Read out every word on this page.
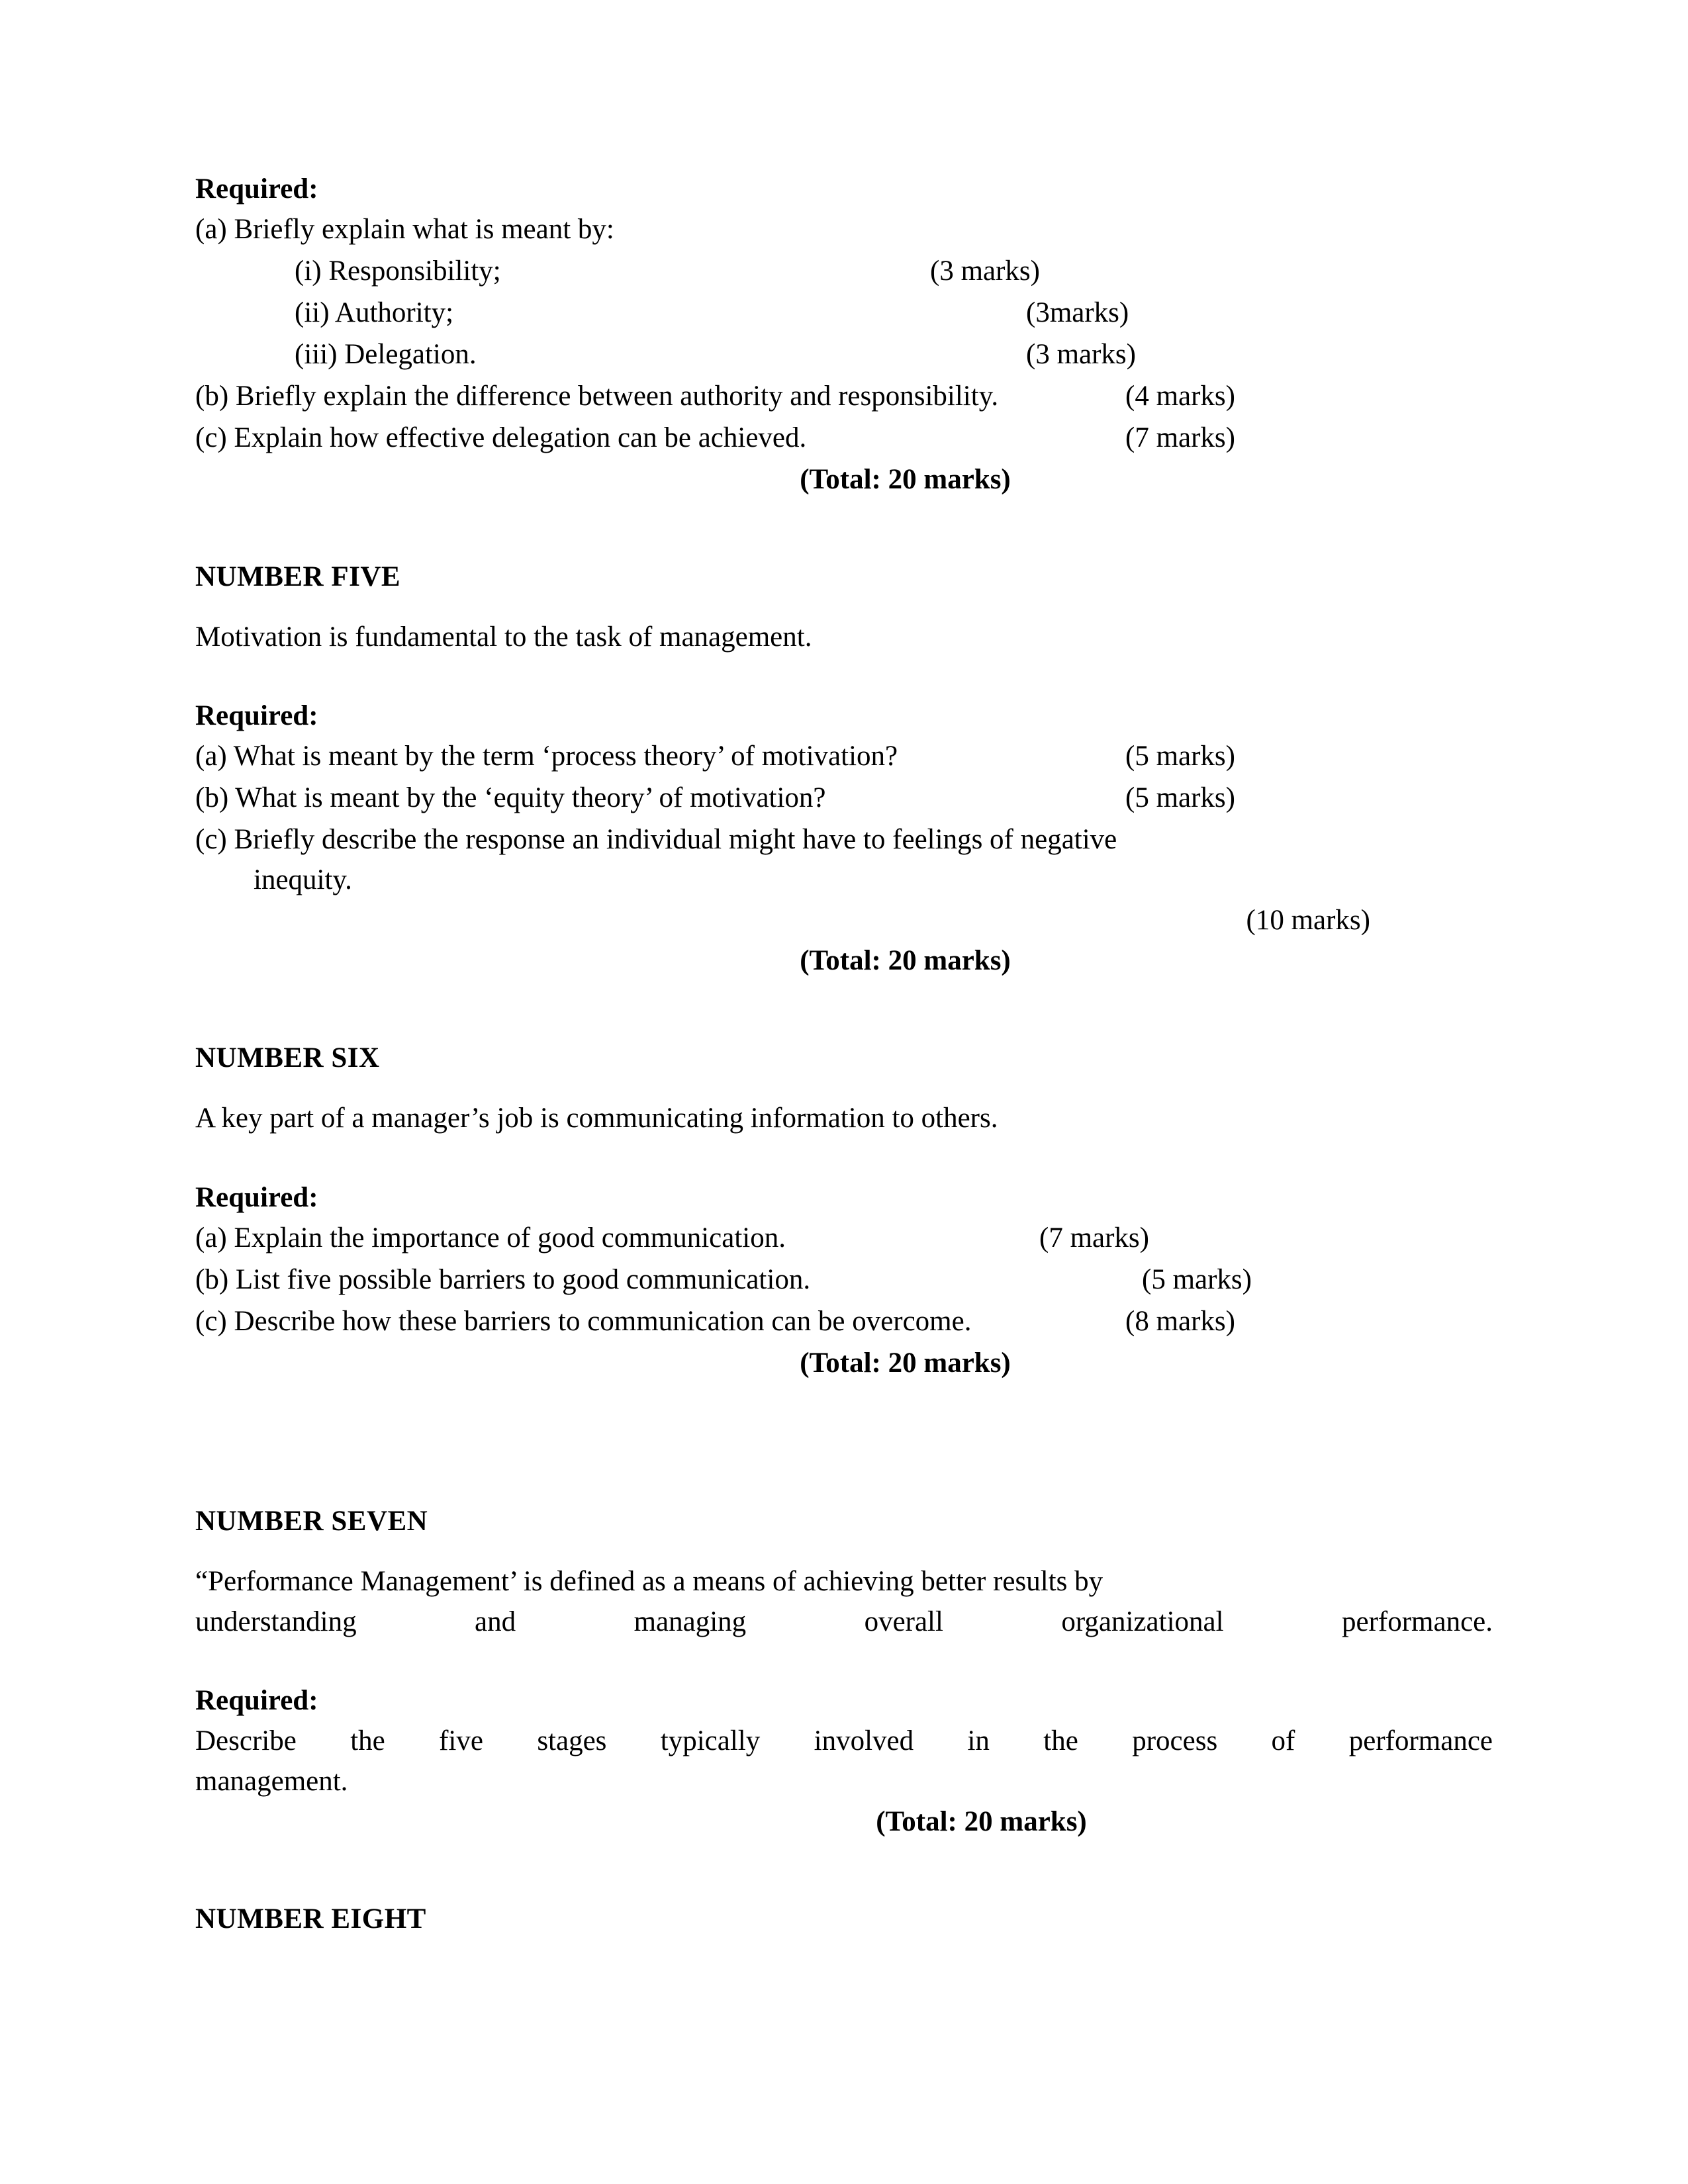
Required:
(a) Briefly explain what is meant by:
(i) Responsibility;	(3 marks)
(ii) Authority;	(3marks)
(iii) Delegation.	(3 marks)
(b) Briefly explain the difference between authority and responsibility.	(4 marks)
(c) Explain how effective delegation can be achieved.	(7 marks)
(Total: 20 marks)
NUMBER FIVE
Motivation is fundamental to the task of management.
Required:
(a) What is meant by the term ‘process theory’ of motivation?	(5 marks)
(b) What is meant by the ‘equity theory’ of motivation?	(5 marks)
(c) Briefly describe the response an individual might have to feelings of negative
inequity.
(10 marks)
(Total: 20 marks)
NUMBER SIX
A key part of a manager’s job is communicating information to others.
Required:
(a) Explain the importance of good communication.	(7 marks)
(b) List five possible barriers to good communication.	(5 marks)
(c) Describe how these barriers to communication can be overcome.	(8 marks)
(Total: 20 marks)
NUMBER SEVEN
“Performance Management’ is defined as a means of achieving better results by
understanding and managing overall organizational performance.
Required:
Describe the five stages typically involved in the process of performance
management.
(Total: 20 marks)
NUMBER EIGHT
